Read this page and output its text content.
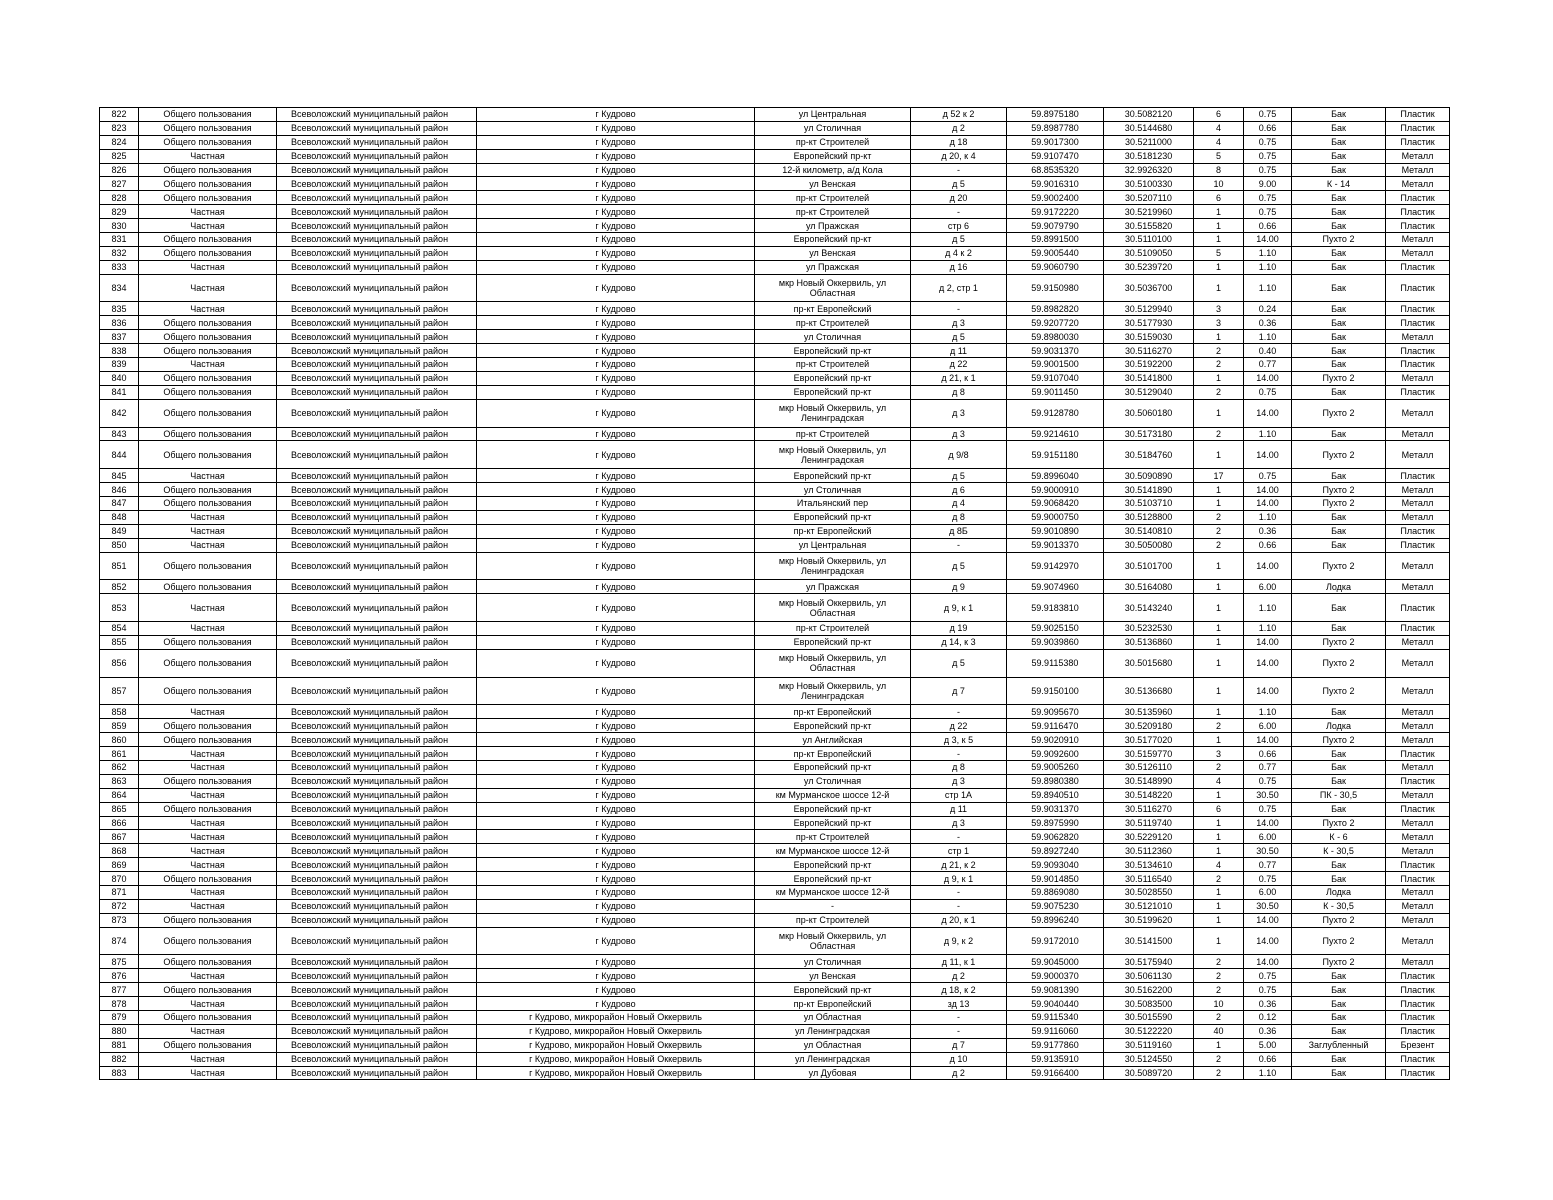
822	Общего пользования	Всеволожский муниципальный район	г Кудрово	ул Центральная	д 52 к 2	59.8975180	30.5082120	6	0.75	Бак	Пластик
823	Общего пользования	Всеволожский муниципальный район	г Кудрово	ул Столичная	д 2	59.8987780	30.5144680	4	0.66	Бак	Пластик
824	Общего пользования	Всеволожский муниципальный район	г Кудрово	пр-кт Строителей	д 18	59.9017300	30.5211000	4	0.75	Бак	Пластик
825	Частная	Всеволожский муниципальный район	г Кудрово	Европейский пр-кт	д 20, к 4	59.9107470	30.5181230	5	0.75	Бак	Металл
826	Общего пользования	Всеволожский муниципальный район	г Кудрово	12-й километр, а/д Кола	-	68.8535320	32.9926320	8	0.75	Бак	Металл
827	Общего пользования	Всеволожский муниципальный район	г Кудрово	ул Венская	д 5	59.9016310	30.5100330	10	9.00	К - 14	Металл
828	Общего пользования	Всеволожский муниципальный район	г Кудрово	пр-кт Строителей	д 20	59.9002400	30.5207110	6	0.75	Бак	Пластик
829	Частная	Всеволожский муниципальный район	г Кудрово	пр-кт Строителей	-	59.9172220	30.5219960	1	0.75	Бак	Пластик
830	Частная	Всеволожский муниципальный район	г Кудрово	ул Пражская	стр 6	59.9079790	30.5155820	1	0.66	Бак	Пластик
831	Общего пользования	Всеволожский муниципальный район	г Кудрово	Европейский пр-кт	д 5	59.8991500	30.5110100	1	14.00	Пухто 2	Металл
832	Общего пользования	Всеволожский муниципальный район	г Кудрово	ул Венская	д 4 к 2	59.9005440	30.5109050	5	1.10	Бак	Металл
833	Частная	Всеволожский муниципальный район	г Кудрово	ул Пражская	д 16	59.9060790	30.5239720	1	1.10	Бак	Пластик
834	Частная	Всеволожский муниципальный район	г Кудрово	мкр Новый Оккервиль, ул Областная	д 2, стр 1	59.9150980	30.5036700	1	1.10	Бак	Пластик
835	Частная	Всеволожский муниципальный район	г Кудрово	пр-кт Европейский	-	59.8982820	30.5129940	3	0.24	Бак	Пластик
836	Общего пользования	Всеволожский муниципальный район	г Кудрово	пр-кт Строителей	д 3	59.9207720	30.5177930	3	0.36	Бак	Пластик
837	Общего пользования	Всеволожский муниципальный район	г Кудрово	ул Столичная	д 5	59.8980030	30.5159030	1	1.10	Бак	Металл
838	Общего пользования	Всеволожский муниципальный район	г Кудрово	Европейский пр-кт	д 11	59.9031370	30.5116270	2	0.40	Бак	Пластик
839	Частная	Всеволожский муниципальный район	г Кудрово	пр-кт Строителей	д 22	59.9001500	30.5192200	2	0.77	Бак	Пластик
840	Общего пользования	Всеволожский муниципальный район	г Кудрово	Европейский пр-кт	д 21, к 1	59.9107040	30.5141800	1	14.00	Пухто 2	Металл
841	Общего пользования	Всеволожский муниципальный район	г Кудрово	Европейский пр-кт	д 8	59.9011450	30.5129040	2	0.75	Бак	Пластик
842	Общего пользования	Всеволожский муниципальный район	г Кудрово	мкр Новый Оккервиль, ул Ленинградская	д 3	59.9128780	30.5060180	1	14.00	Пухто 2	Металл
843	Общего пользования	Всеволожский муниципальный район	г Кудрово	пр-кт Строителей	д 3	59.9214610	30.5173180	2	1.10	Бак	Металл
844	Общего пользования	Всеволожский муниципальный район	г Кудрово	мкр Новый Оккервиль, ул Ленинградская	д 9/8	59.9151180	30.5184760	1	14.00	Пухто 2	Металл
845	Частная	Всеволожский муниципальный район	г Кудрово	Европейский пр-кт	д 5	59.8996040	30.5090890	17	0.75	Бак	Пластик
846	Общего пользования	Всеволожский муниципальный район	г Кудрово	ул Столичная	д 6	59.9000910	30.5141890	1	14.00	Пухто 2	Металл
847	Общего пользования	Всеволожский муниципальный район	г Кудрово	Итальянский пер	д 4	59.9068420	30.5103710	1	14.00	Пухто 2	Металл
848	Частная	Всеволожский муниципальный район	г Кудрово	Европейский пр-кт	д 8	59.9000750	30.5128800	2	1.10	Бак	Металл
849	Частная	Всеволожский муниципальный район	г Кудрово	пр-кт Европейский	д 8Б	59.9010890	30.5140810	2	0.36	Бак	Пластик
850	Частная	Всеволожский муниципальный район	г Кудрово	ул Центральная	-	59.9013370	30.5050080	2	0.66	Бак	Пластик
851	Общего пользования	Всеволожский муниципальный район	г Кудрово	мкр Новый Оккервиль, ул Ленинградская	д 5	59.9142970	30.5101700	1	14.00	Пухто 2	Металл
852	Общего пользования	Всеволожский муниципальный район	г Кудрово	ул Пражская	д 9	59.9074960	30.5164080	1	6.00	Лодка	Металл
853	Частная	Всеволожский муниципальный район	г Кудрово	мкр Новый Оккервиль, ул Областная	д 9, к 1	59.9183810	30.5143240	1	1.10	Бак	Пластик
854	Частная	Всеволожский муниципальный район	г Кудрово	пр-кт Строителей	д 19	59.9025150	30.5232530	1	1.10	Бак	Пластик
855	Общего пользования	Всеволожский муниципальный район	г Кудрово	Европейский пр-кт	д 14, к 3	59.9039860	30.5136860	1	14.00	Пухто 2	Металл
856	Общего пользования	Всеволожский муниципальный район	г Кудрово	мкр Новый Оккервиль, ул Областная	д 5	59.9115380	30.5015680	1	14.00	Пухто 2	Металл
857	Общего пользования	Всеволожский муниципальный район	г Кудрово	мкр Новый Оккервиль, ул Ленинградская	д 7	59.9150100	30.5136680	1	14.00	Пухто 2	Металл
858	Частная	Всеволожский муниципальный район	г Кудрово	пр-кт Европейский	-	59.9095670	30.5135960	1	1.10	Бак	Металл
859	Общего пользования	Всеволожский муниципальный район	г Кудрово	Европейский пр-кт	д 22	59.9116470	30.5209180	2	6.00	Лодка	Металл
860	Общего пользования	Всеволожский муниципальный район	г Кудрово	ул Английская	д 3, к 5	59.9020910	30.5177020	1	14.00	Пухто 2	Металл
861	Частная	Всеволожский муниципальный район	г Кудрово	пр-кт Европейский	-	59.9092600	30.5159770	3	0.66	Бак	Пластик
862	Частная	Всеволожский муниципальный район	г Кудрово	Европейский пр-кт	д 8	59.9005260	30.5126110	2	0.77	Бак	Металл
863	Общего пользования	Всеволожский муниципальный район	г Кудрово	ул Столичная	д 3	59.8980380	30.5148990	4	0.75	Бак	Пластик
864	Частная	Всеволожский муниципальный район	г Кудрово	км Мурманское шоссе 12-й	стр 1А	59.8940510	30.5148220	1	30.50	ПК - 30,5	Металл
865	Общего пользования	Всеволожский муниципальный район	г Кудрово	Европейский пр-кт	д 11	59.9031370	30.5116270	6	0.75	Бак	Пластик
866	Частная	Всеволожский муниципальный район	г Кудрово	Европейский пр-кт	д 3	59.8975990	30.5119740	1	14.00	Пухто 2	Металл
867	Частная	Всеволожский муниципальный район	г Кудрово	пр-кт Строителей	-	59.9062820	30.5229120	1	6.00	К - 6	Металл
868	Частная	Всеволожский муниципальный район	г Кудрово	км Мурманское шоссе 12-й	стр 1	59.8927240	30.5112360	1	30.50	К - 30,5	Металл
869	Частная	Всеволожский муниципальный район	г Кудрово	Европейский пр-кт	д 21, к 2	59.9093040	30.5134610	4	0.77	Бак	Пластик
870	Общего пользования	Всеволожский муниципальный район	г Кудрово	Европейский пр-кт	д 9, к 1	59.9014850	30.5116540	2	0.75	Бак	Пластик
871	Частная	Всеволожский муниципальный район	г Кудрово	км Мурманское шоссе 12-й	-	59.8869080	30.5028550	1	6.00	Лодка	Металл
872	Частная	Всеволожский муниципальный район	г Кудрово	-	-	59.9075230	30.5121010	1	30.50	К - 30,5	Металл
873	Общего пользования	Всеволожский муниципальный район	г Кудрово	пр-кт Строителей	д 20, к 1	59.8996240	30.5199620	1	14.00	Пухто 2	Металл
874	Общего пользования	Всеволожский муниципальный район	г Кудрово	мкр Новый Оккервиль, ул Областная	д 9, к 2	59.9172010	30.5141500	1	14.00	Пухто 2	Металл
875	Общего пользования	Всеволожский муниципальный район	г Кудрово	ул Столичная	д 11, к 1	59.9045000	30.5175940	2	14.00	Пухто 2	Металл
876	Частная	Всеволожский муниципальный район	г Кудрово	ул Венская	д 2	59.9000370	30.5061130	2	0.75	Бак	Пластик
877	Общего пользования	Всеволожский муниципальный район	г Кудрово	Европейский пр-кт	д 18, к 2	59.9081390	30.5162200	2	0.75	Бак	Пластик
878	Частная	Всеволожский муниципальный район	г Кудрово	пр-кт Европейский	зд 13	59.9040440	30.5083500	10	0.36	Бак	Пластик
879	Общего пользования	Всеволожский муниципальный район	г Кудрово, микрорайон Новый Оккервиль	ул Областная	-	59.9115340	30.5015590	2	0.12	Бак	Пластик
880	Частная	Всеволожский муниципальный район	г Кудрово, микрорайон Новый Оккервиль	ул Ленинградская	-	59.9116060	30.5122220	40	0.36	Бак	Пластик
881	Общего пользования	Всеволожский муниципальный район	г Кудрово, микрорайон Новый Оккервиль	ул Областная	д 7	59.9177860	30.5119160	1	5.00	Заглубленный	Брезент
882	Частная	Всеволожский муниципальный район	г Кудрово, микрорайон Новый Оккервиль	ул Ленинградская	д 10	59.9135910	30.5124550	2	0.66	Бак	Пластик
883	Частная	Всеволожский муниципальный район	г Кудрово, микрорайон Новый Оккервиль	ул Дубовая	д 2	59.9166400	30.5089720	2	1.10	Бак	Пластик
